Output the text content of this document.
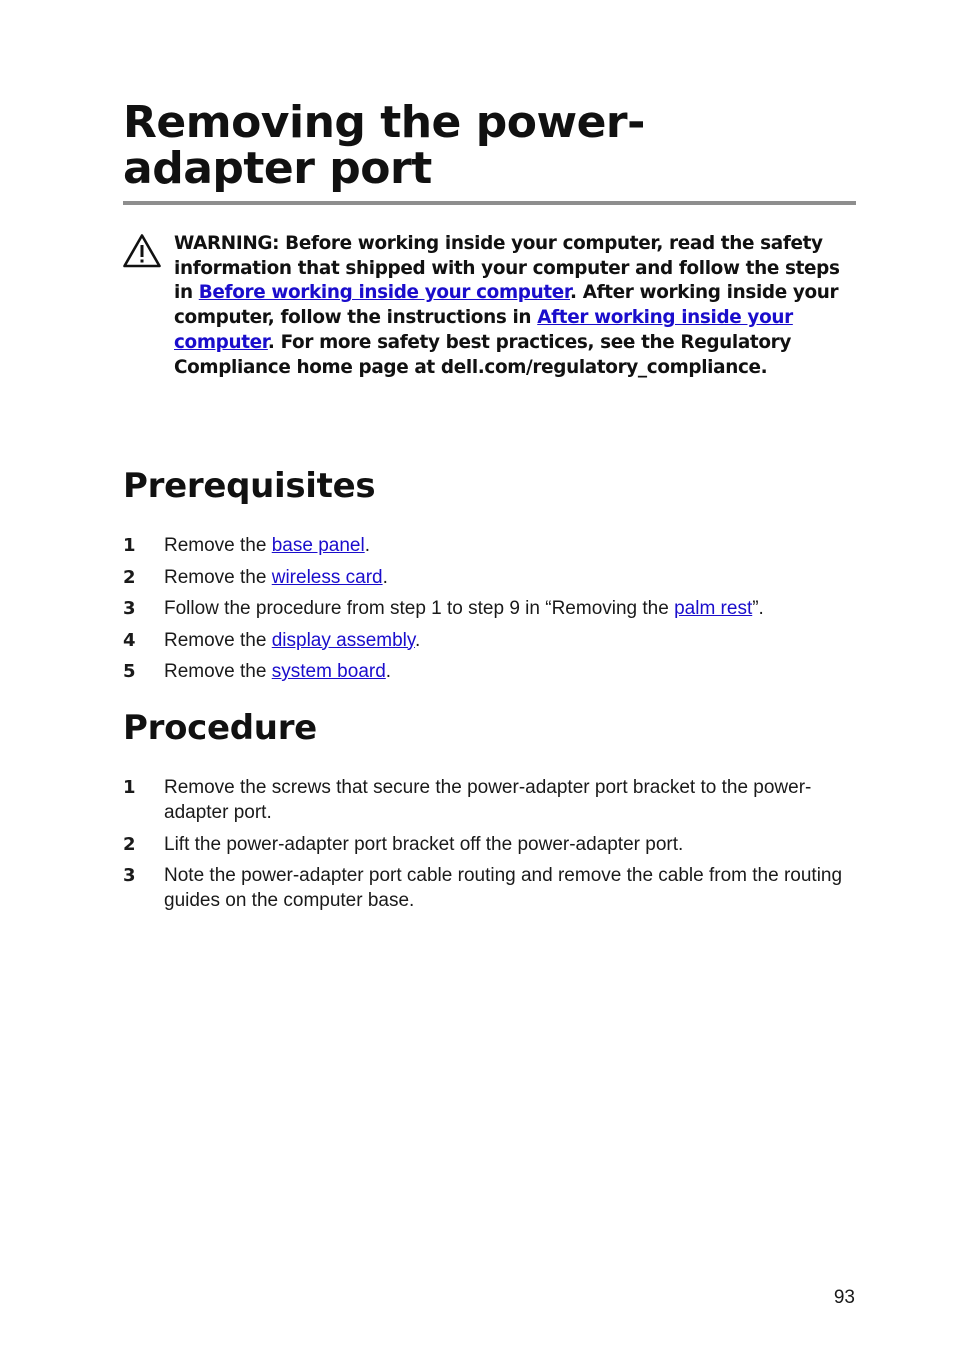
Removing the power-
adapter port

WARNING: Before working inside your computer, read the safety information that shipped with your computer and follow the steps in Before working inside your computer. After working inside your computer, follow the instructions in After working inside your computer. For more safety best practices, see the Regulatory Compliance home page at dell.com/regulatory_compliance.

Prerequisites
1 Remove the base panel.
2 Remove the wireless card.
3 Follow the procedure from step 1 to step 9 in “Removing the palm rest”.
4 Remove the display assembly.
5 Remove the system board.
Procedure
1 Remove the screws that secure the power-adapter port bracket to the power-adapter port.
2 Lift the power-adapter port bracket off the power-adapter port.
3 Note the power-adapter port cable routing and remove the cable from the routing guides on the computer base.
93
